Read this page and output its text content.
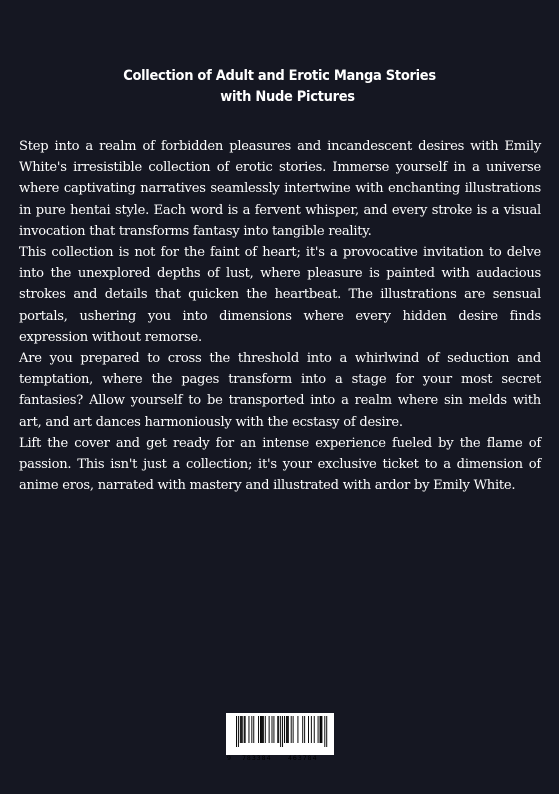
Collection of Adult and Erotic Manga Stories
with Nude Pictures

Step into a realm of forbidden pleasures and incandescent desires with Emily White's irresistible collection of erotic stories. Immerse yourself in a universe where captivating narratives seamlessly intertwine with enchanting illustrations in pure hentai style. Each word is a fervent whisper, and every stroke is a visual invocation that transforms fantasy into tangible reality.

This collection is not for the faint of heart; it's a provocative invitation to delve into the unexplored depths of lust, where pleasure is painted with audacious strokes and details that quicken the heartbeat. The illustrations are sensual portals, ushering you into dimensions where every hidden desire finds expression without remorse.

Are you prepared to cross the threshold into a whirlwind of seduction and temptation, where the pages transform into a stage for your most secret fantasies? Allow yourself to be transported into a realm where sin melds with art, and art dances harmoniously with the ecstasy of desire.

Lift the cover and get ready for an intense experience fueled by the flame of passion. This isn't just a collection; it's your exclusive ticket to a dimension of anime eros, narrated with mastery and illustrated with ardor by Emily White.

9 783384	463784
